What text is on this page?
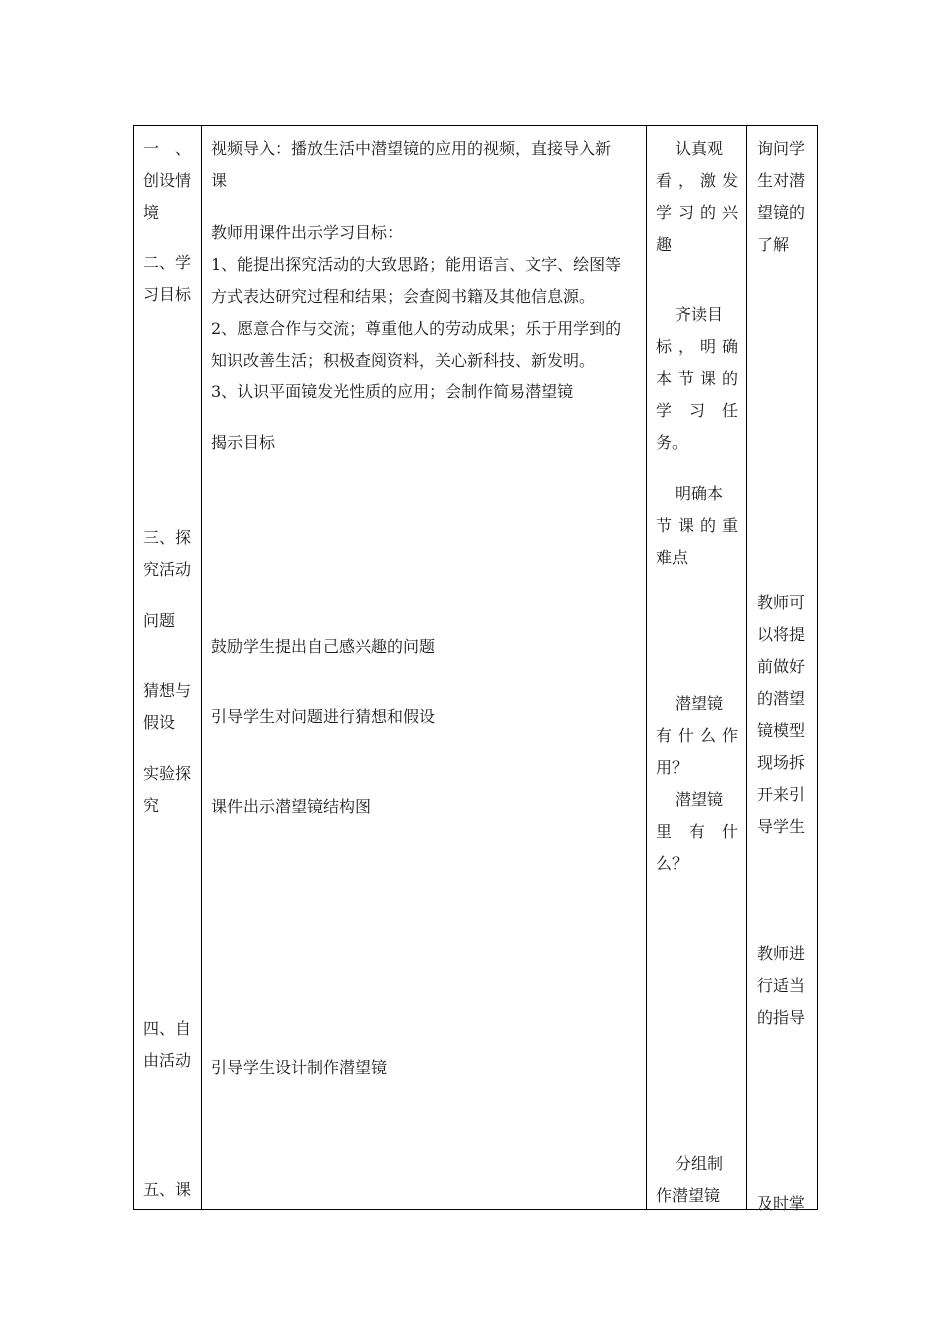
一 、
创设情
境
二、学
习目标
三、探
究活动
问题
猜想与
假设
实验探
究
四、自
由活动
五、课
视频导入：播放生活中潜望镜的应用的视频，直接导入新
课
教师用课件出示学习目标：
1、能提出探究活动的大致思路；能用语言、文字、绘图等
方式表达研究过程和结果；会查阅书籍及其他信息源。
2、愿意合作与交流；尊重他人的劳动成果；乐于用学到的
知识改善生活；积极查阅资料，关心新科技、新发明。
3、认识平面镜发光性质的应用；会制作简易潜望镜
揭示目标
鼓励学生提出自己感兴趣的问题
引导学生对问题进行猜想和假设
课件出示潜望镜结构图
引导学生设计制作潜望镜
认真观
看 ， 激 发
学 习 的 兴
趣
齐读目
标 ， 明 确
本 节 课 的
学 习 任
务。
明确本
节 课 的 重
难点
潜望镜
有 什 么 作
用？
潜望镜
里 有 什
么？
分组制
作潜望镜
询问学
生对潜
望镜的
了解
教师可
以将提
前做好
的潜望
镜模型
现场拆
开来引
导学生
教师进
行适当
的指导
及时掌
